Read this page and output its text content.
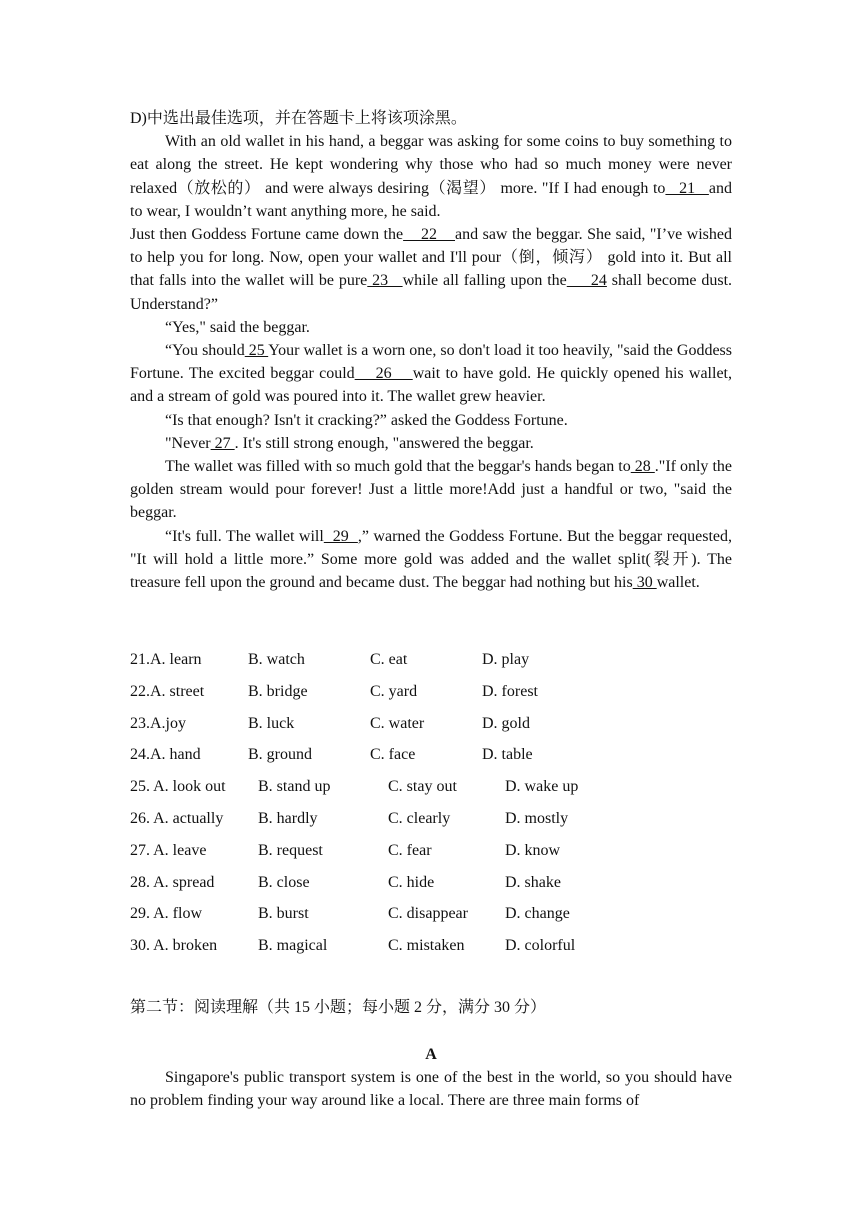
D)中选出最佳选项，并在答题卡上将该项涂黑。

With an old wallet in his hand, a beggar was asking for some coins to buy something to eat along the street. He kept wondering why those who had so much money were never relaxed（放松的） and were always desiring（渴望） more. "If I had enough to   21   and to wear, I wouldn’t want anything more, he said.

Just then Goddess Fortune came down the    22    and saw the beggar. She said, "I’ve wished to help you for long. Now, open your wallet and I'll pour（倒，倾泻） gold into it. But all that falls into the wallet will be pure 23   while all falling upon the     24 shall become dust. Understand?”

“Yes," said the beggar.

“You should 25 Your wallet is a worn one, so don't load it too heavily, "said the Goddess Fortune. The excited beggar could    26    wait to have gold. He quickly opened his wallet, and a stream of gold was poured into it. The wallet grew heavier.

“Is that enough? Isn't it cracking?” asked the Goddess Fortune.

"Never 27 . It's still strong enough, "answered the beggar.

The wallet was filled with so much gold that the beggar's hands began to 28 ."If only the golden stream would pour forever! Just a little more!Add just a handful or two, "said the beggar.

“It's full. The wallet will  29  ,” warned the Goddess Fortune. But the beggar requested, "It will hold a little more.” Some more gold was added and the wallet split(裂开). The treasure fell upon the ground and became dust. The beggar had nothing but his 30 wallet.

21.A. learn	B. watch	C. eat	D. play
22.A. street	B. bridge	C. yard	D. forest
23.A.joy	B. luck	C. water	D. gold
24.A. hand	B. ground	C. face	D. table
25. A. look out B. stand up	C. stay out	D. wake up
26. A. actually B. hardly	C. clearly	D. mostly
27. A. leave	B. request	C. fear	D. know
28. A. spread	B. close	C. hide	D. shake
29. A. flow	B. burst	C. disappear D. change
30. A. broken	B. magical	C. mistaken	D. colorful
第二节：阅读理解（共 15 小题；每小题 2 分，满分 30 分）
A

Singapore's public transport system is one of the best in the world, so you should have no problem finding your way around like a local. There are three main forms of
